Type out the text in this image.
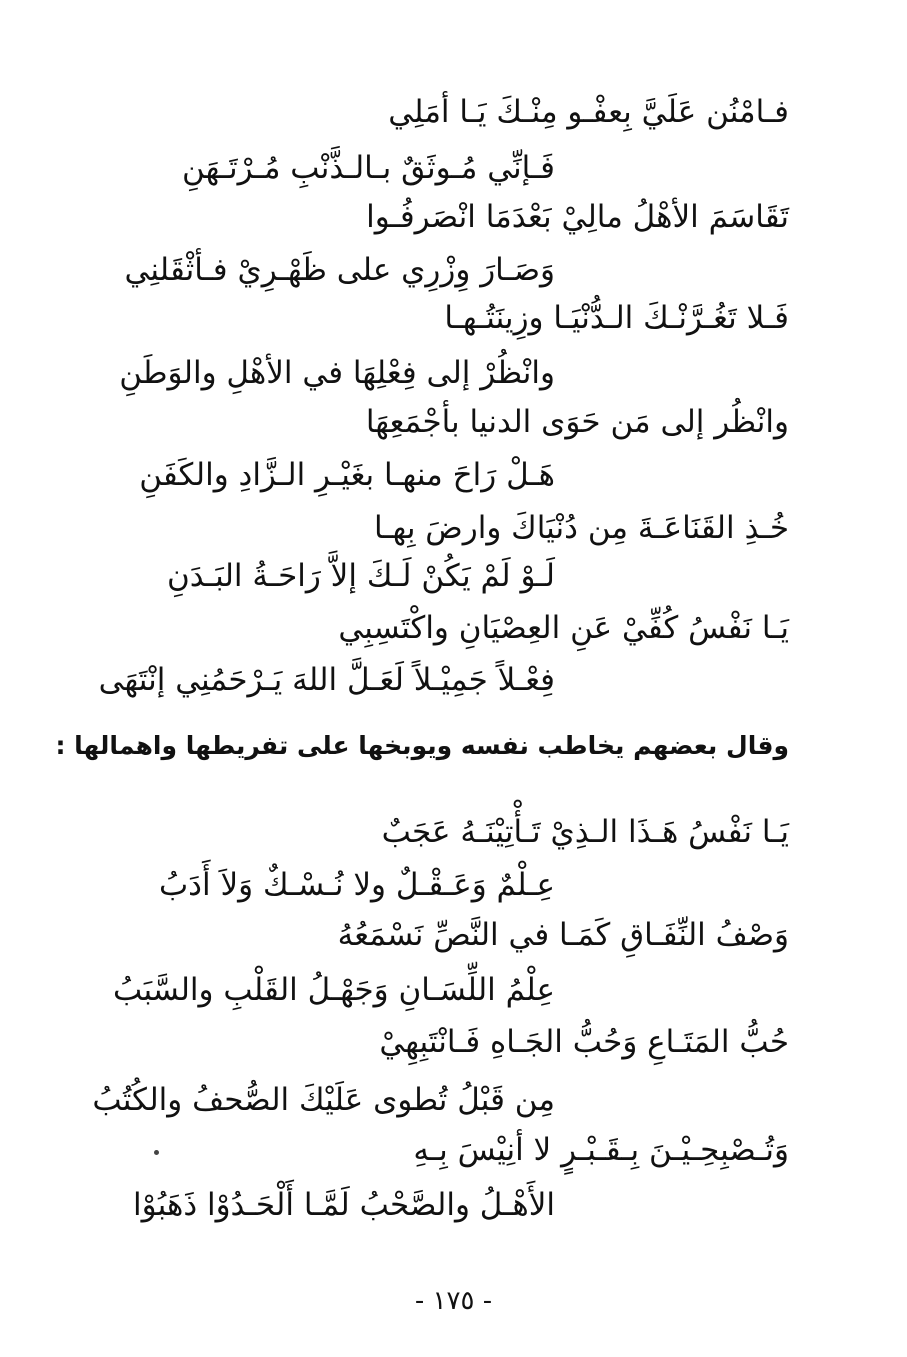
فـامْنُن عَلَيَّ بِعفْـو مِنْـكَ يَـا أمَلِي
فَـإنِّي مُـوثَقٌ بـالـذَّنْبِ مُـرْتَـهَنِ
تَقَاسَمَ الأهْلُ مالِيْ بَعْدَمَا انْصَرفُـوا
وَصَـارَ وِزْرِي على ظَهْـرِيْ فـأثْقَلنِي
فَـلا تَغُـرَّنْـكَ الـدُّنْيَـا وزِينَتُـهـا
وانْظُرْ إلى فِعْلِهَا في الأهْلِ والوَطَنِ
وانْظُر إلى مَن حَوَى الدنيا بأجْمَعِهَا
هَـلْ رَاحَ منهـا بغَيْـرِ الـزَّادِ والكَفَنِ
خُـذِ القَنَاعَـةَ مِن دُنْيَاكَ وارضَ بِهـا
لَـوْ لَمْ يَكُنْ لَـكَ إلاَّ رَاحَـةُ البَـدَنِ
يَـا نَفْسُ كُفِّيْ عَنِ العِصْيَانِ واكْتَسِبِي
فِعْـلاً جَمِيْـلاً لَعَـلَّ اللهَ يَـرْحَمُنِي إنْتَهَى
وقال بعضهم يخاطب نفسه ويوبخها على تفريطها واهمالها :
يَـا نَفْسُ هَـذَا الـذِيْ تَـأْتِيْنَـهُ عَجَبٌ
عِـلْمٌ وَعَـقْـلٌ ولا نُـسْـكٌ وَلاَ أَدَبُ
وَصْفُ النِّفَـاقِ كَمَـا في النَّصِّ نَسْمَعُهُ
عِلْمُ اللِّسَـانِ وَجَهْـلُ القَلْبِ والسَّبَبُ
حُبُّ المَتَـاعِ وَحُبُّ الجَـاهِ فَـانْتَبِهِيْ
مِن قَبْلُ تُطوى عَلَيْكَ الصُّحفُ والكُتُبُ
وَتُـصْبِحِـيْـنَ بِـقَـبْـرٍ لا أنِيْسَ بِـهِ
الأَهْـلُ والصَّحْبُ لَمَّـا أَلْحَـدُوْا ذَهَبُوْا
- ١٧٥ -
